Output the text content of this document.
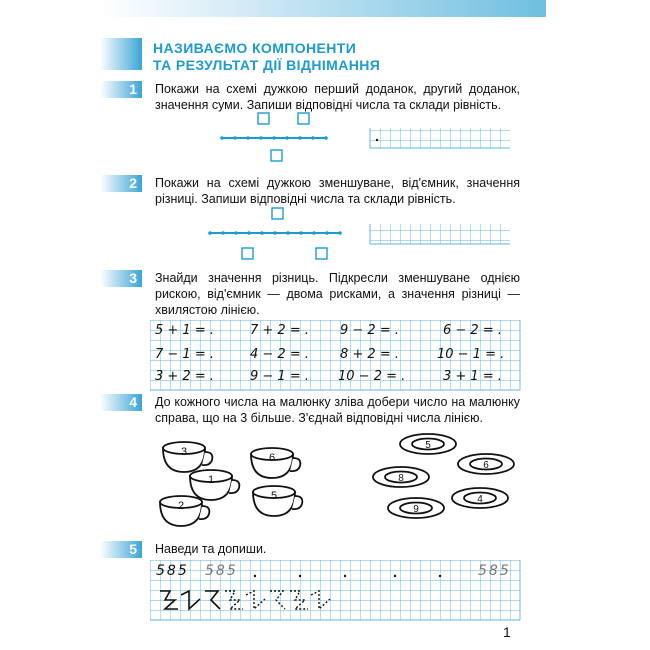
НАЗИВАЄМО КОМПОНЕНТИ
ТА РЕЗУЛЬТАТ ДІЇ ВІДНІМАННЯ
1
2
3
4
5
Покажи на схемі дужкою перший доданок, другий доданок, значення суми. Запиши відповідні числа та склади рівність.
Покажи на схемі дужкою зменшуване, від'ємник, значення різниці. Запиши відповідні числа та склади рівність.
Знайди значення різниць. Підкресли зменшуване однією рискою, від'ємник — двома рисками, а значення різниці — хвилястою лінією.
До кожного числа на малюнку зліва добери число на малюнку справа, що на 3 більше. З'єднай відповідні числа лінією.
Наведи та допиши.
3	6
1
5
2
5
6
8
4
9
5 + 1 = .	7 + 2 = . 9 − 2 = .	6 − 2 = .
7 − 1 = .	4 − 2 = . 8 + 2 = .	10 − 1 = .
3 + 2 = .	9 − 1 = . 10 − 2 = .	3 + 1 = .
585 585	585
1
